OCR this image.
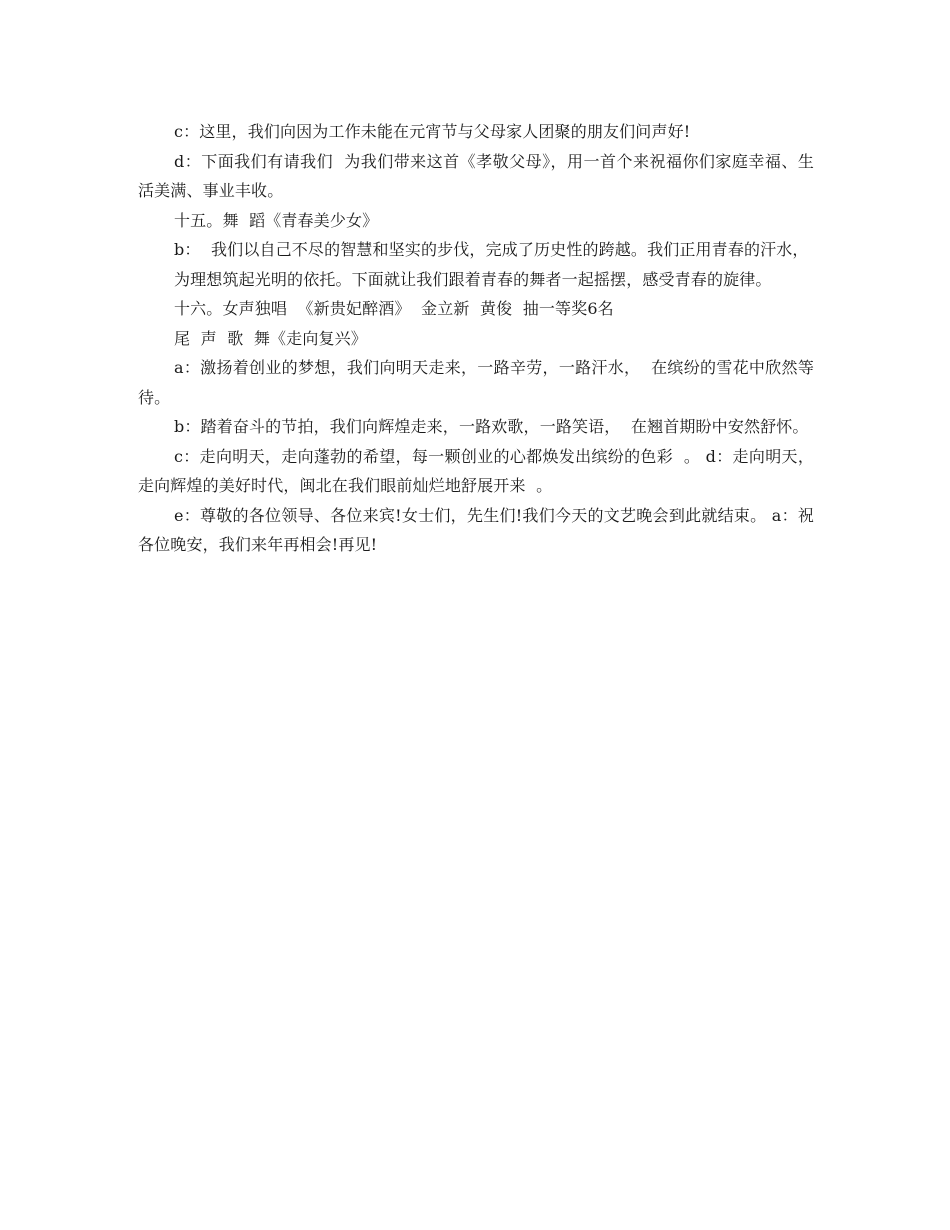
c：这里，我们向因为工作未能在元宵节与父母家人团聚的朋友们问声好!

d：下面我们有请我们  为我们带来这首《孝敬父母》，用一首个来祝福你们家庭幸福、生活美满、事业丰收。

十五。舞  蹈《青春美少女》

b：  我们以自己不尽的智慧和坚实的步伐，完成了历史性的跨越。我们正用青春的汗水，

为理想筑起光明的依托。下面就让我们跟着青春的舞者一起摇摆，感受青春的旋律。

十六。女声独唱  《新贵妃醉酒》  金立新  黄俊  抽一等奖6名

尾  声  歌  舞《走向复兴》

a：激扬着创业的梦想，我们向明天走来，一路辛劳，一路汗水，  在缤纷的雪花中欣然等待。

b：踏着奋斗的节拍，我们向辉煌走来，一路欢歌，一路笑语，  在翘首期盼中安然舒怀。

c：走向明天，走向蓬勃的希望，每一颗创业的心都焕发出缤纷的色彩  。 d：走向明天，走向辉煌的美好时代，闽北在我们眼前灿烂地舒展开来  。

e：尊敬的各位领导、各位来宾!女士们，先生们!我们今天的文艺晚会到此就结束。 a：祝各位晚安，我们来年再相会!再见!
